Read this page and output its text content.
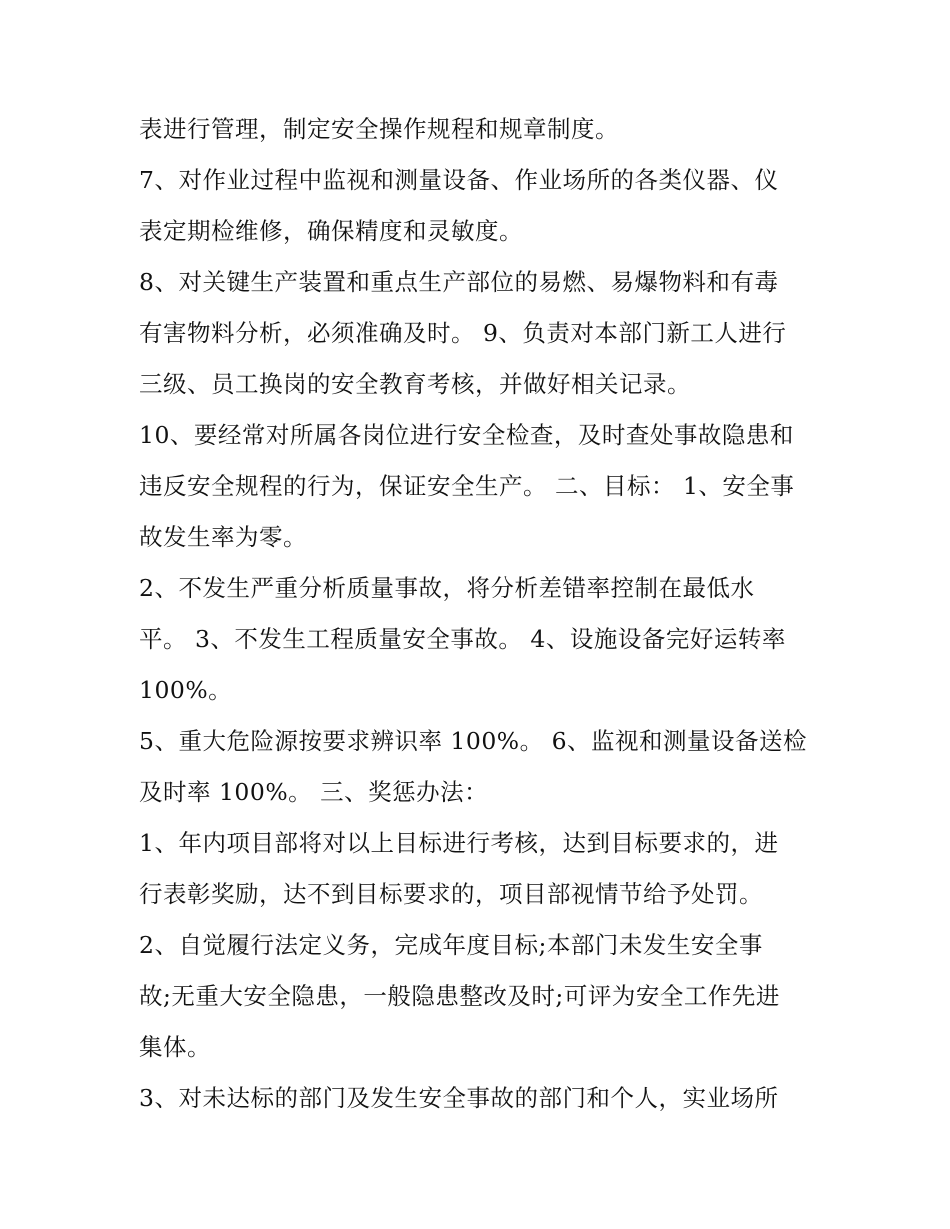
表进行管理，制定安全操作规程和规章制度。
7、对作业过程中监视和测量设备、作业场所的各类仪器、仪
表定期检维修，确保精度和灵敏度。
8、对关键生产装置和重点生产部位的易燃、易爆物料和有毒
有害物料分析，必须准确及时。 9、负责对本部门新工人进行
三级、员工换岗的安全教育考核，并做好相关记录。
10、要经常对所属各岗位进行安全检查，及时查处事故隐患和
违反安全规程的行为，保证安全生产。 二、目标： 1、安全事
故发生率为零。
2、不发生严重分析质量事故，将分析差错率控制在最低水
平。 3、不发生工程质量安全事故。 4、设施设备完好运转率
100%。
5、重大危险源按要求辨识率 100%。 6、监视和测量设备送检
及时率 100%。 三、奖惩办法：
1、年内项目部将对以上目标进行考核，达到目标要求的，进
行表彰奖励，达不到目标要求的，项目部视情节给予处罚。
2、自觉履行法定义务，完成年度目标;本部门未发生安全事
故;无重大安全隐患，一般隐患整改及时;可评为安全工作先进
集体。
3、对未达标的部门及发生安全事故的部门和个人，实业场所
